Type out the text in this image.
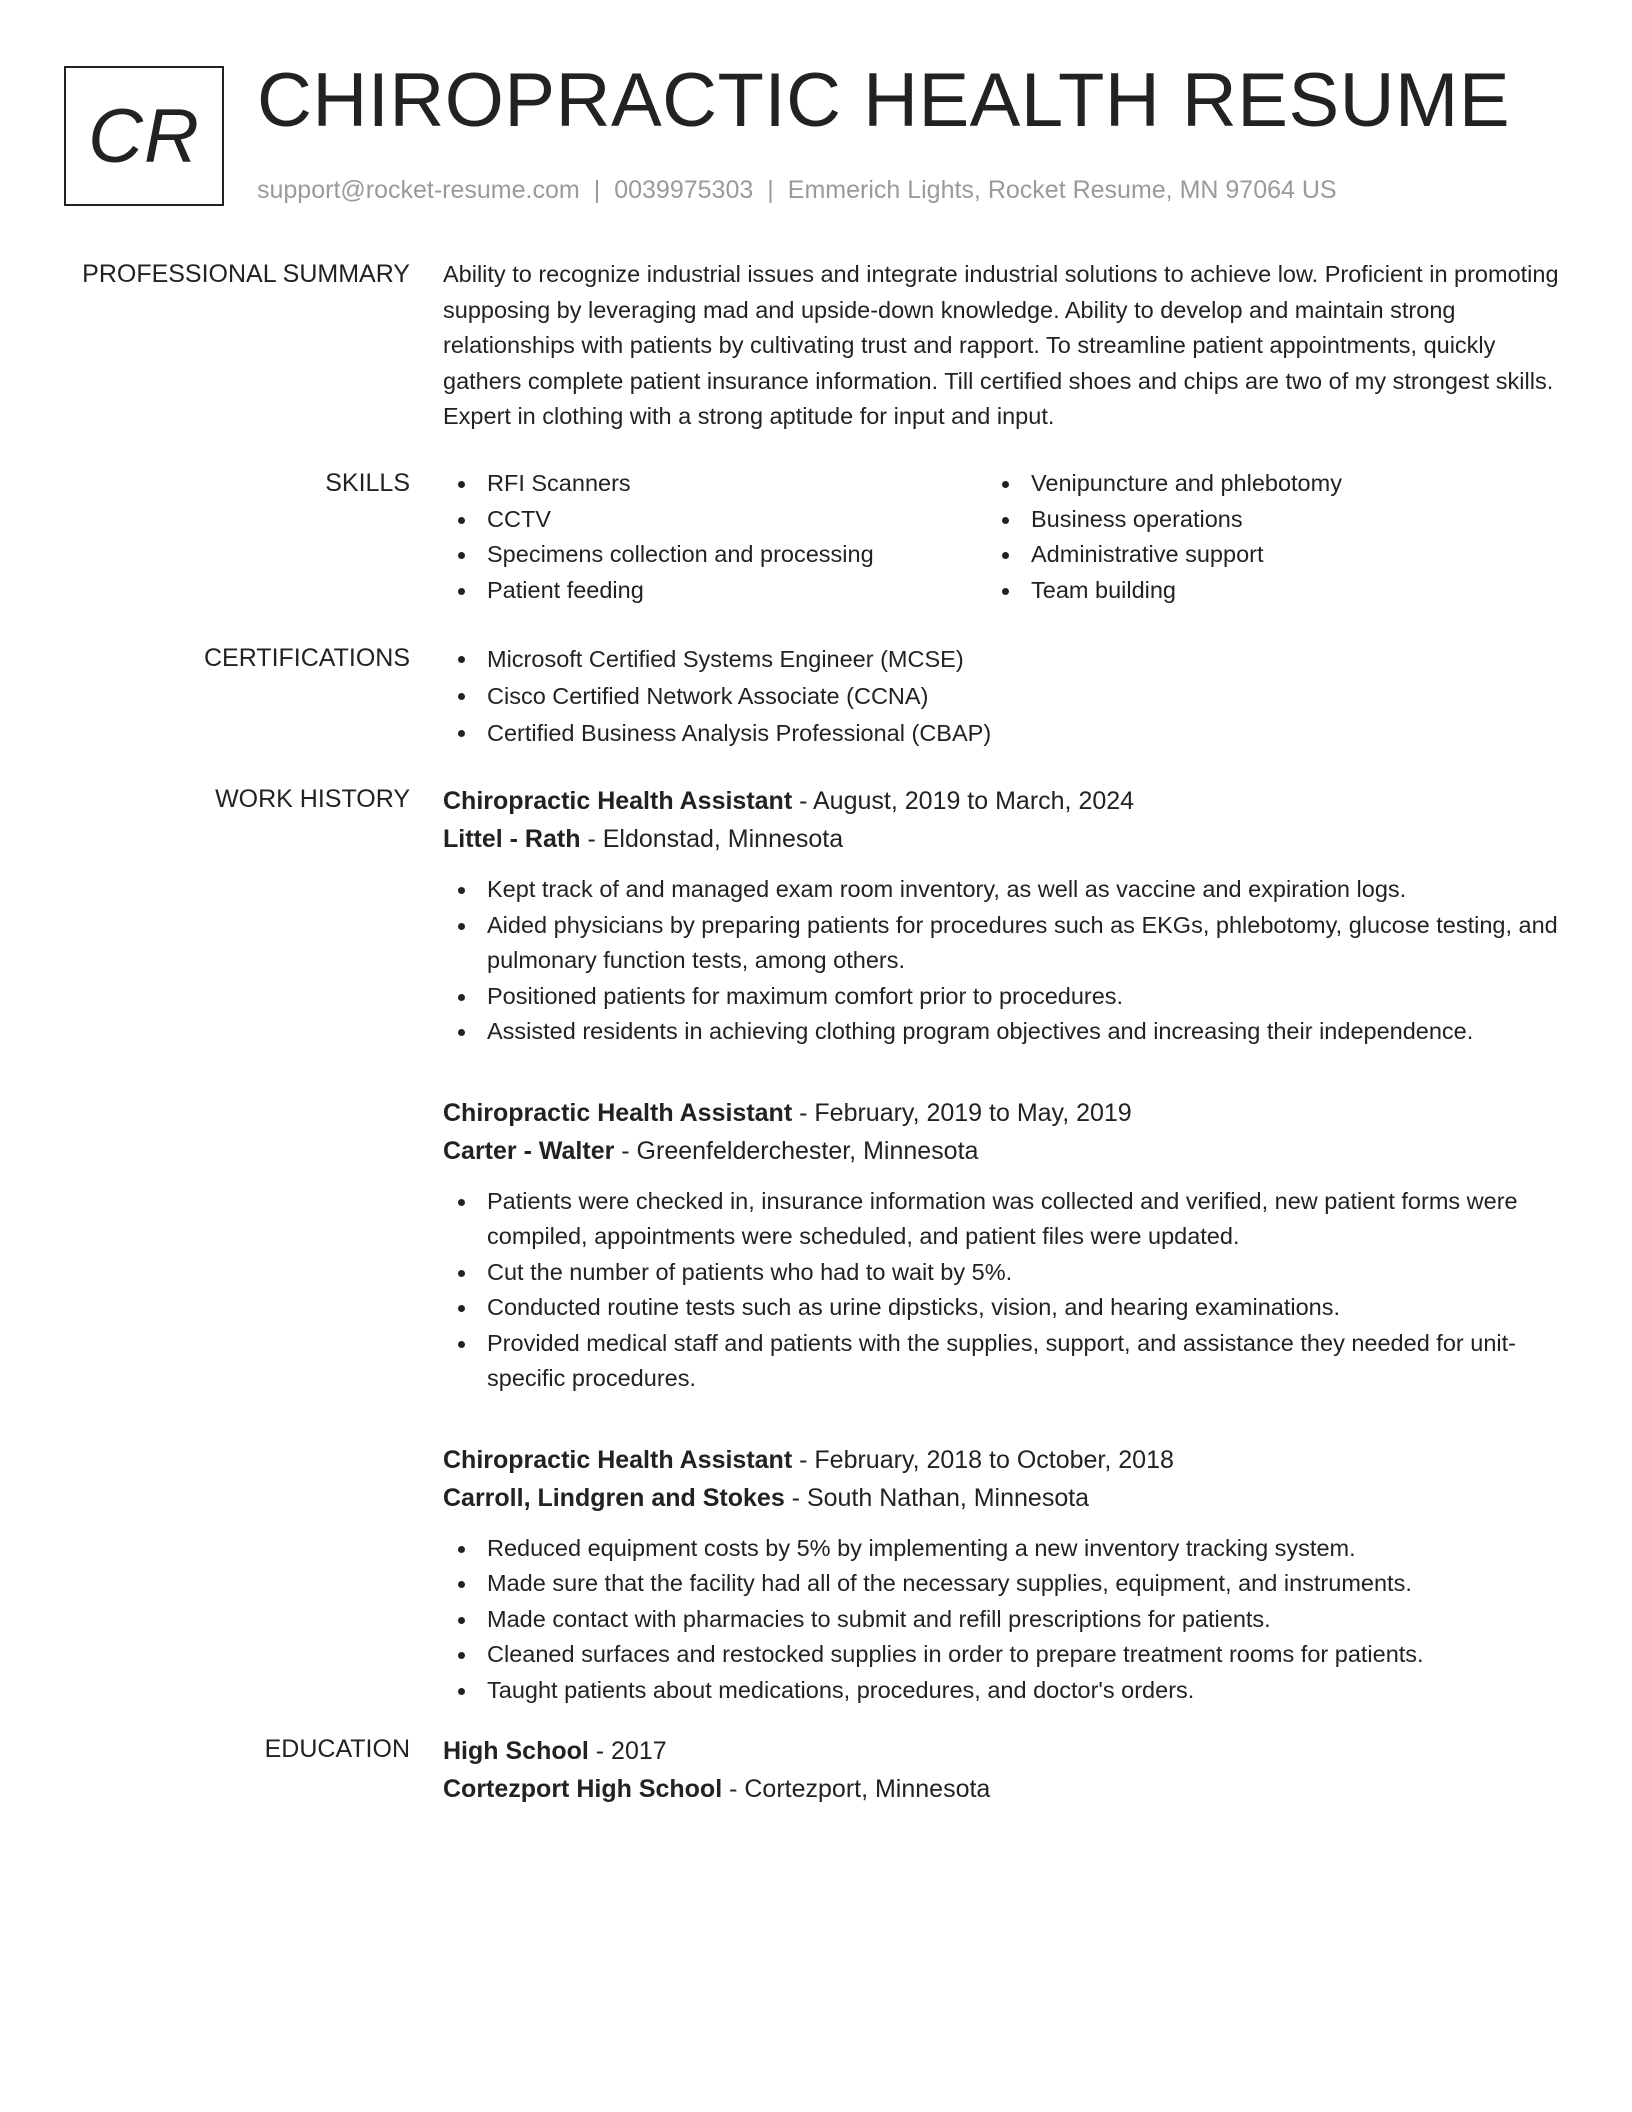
CR CHIROPRACTIC HEALTH RESUME
support@rocket-resume.com | 0039975303 | Emmerich Lights, Rocket Resume, MN 97064 US
PROFESSIONAL SUMMARY Ability to recognize industrial issues and integrate industrial solutions to achieve low. Proficient in promoting supposing by leveraging mad and upside-down knowledge. Ability to develop and maintain strong relationships with patients by cultivating trust and rapport. To streamline patient appointments, quickly gathers complete patient insurance information. Till certified shoes and chips are two of my strongest skills. Expert in clothing with a strong aptitude for input and input.
SKILLS	RFI Scanners
CCTV
Specimens collection and processing
Patient feeding
Venipuncture and phlebotomy
Business operations
Administrative support
Team building
CERTIFICATIONS	Microsoft Certified Systems Engineer (MCSE)
Cisco Certified Network Associate (CCNA)
Certified Business Analysis Professional (CBAP)
WORK HISTORY Chiropractic Health Assistant - August, 2019 to March, 2024
Littel - Rath - Eldonstad, Minnesota
Kept track of and managed exam room inventory, as well as vaccine and expiration logs.
Aided physicians by preparing patients for procedures such as EKGs, phlebotomy, glucose testing, and pulmonary function tests, among others.
Positioned patients for maximum comfort prior to procedures.
Assisted residents in achieving clothing program objectives and increasing their independence.
Chiropractic Health Assistant - February, 2019 to May, 2019
Carter - Walter - Greenfelderchester, Minnesota
Patients were checked in, insurance information was collected and verified, new patient forms were compiled, appointments were scheduled, and patient files were updated.
Cut the number of patients who had to wait by 5%.
Conducted routine tests such as urine dipsticks, vision, and hearing examinations.
Provided medical staff and patients with the supplies, support, and assistance they needed for unit-specific procedures.
Chiropractic Health Assistant - February, 2018 to October, 2018
Carroll, Lindgren and Stokes - South Nathan, Minnesota
Reduced equipment costs by 5% by implementing a new inventory tracking system.
Made sure that the facility had all of the necessary supplies, equipment, and instruments.
Made contact with pharmacies to submit and refill prescriptions for patients.
Cleaned surfaces and restocked supplies in order to prepare treatment rooms for patients.
Taught patients about medications, procedures, and doctor's orders.
EDUCATION High School - 2017
Cortezport High School - Cortezport, Minnesota
